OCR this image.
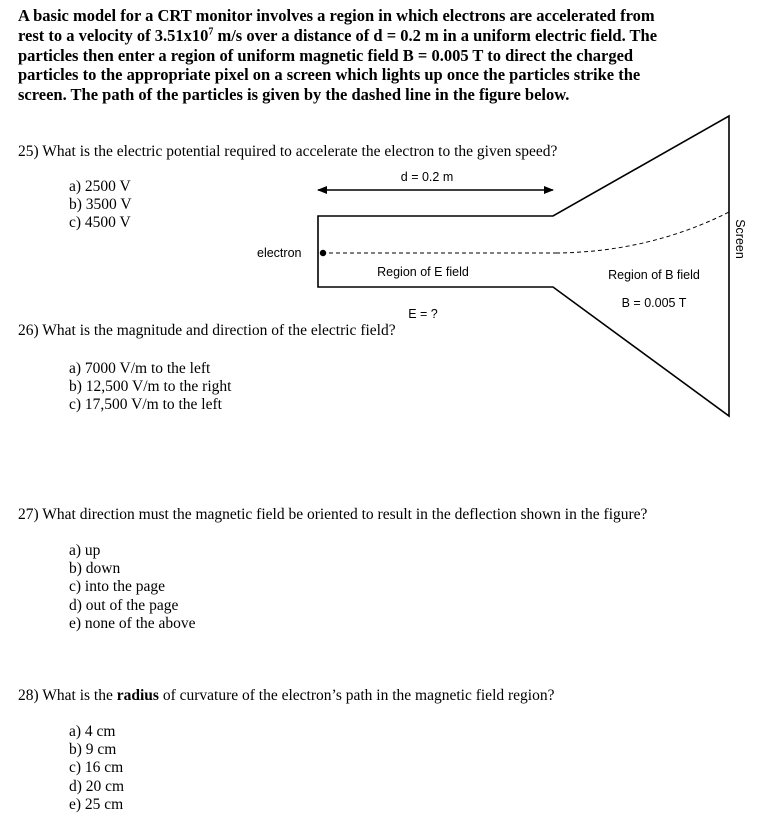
A basic model for a CRT monitor involves a region in which electrons are accelerated from rest to a velocity of $3.51x10^7$ m/s over a distance of d = 0.2 m in a uniform electric field. The particles then enter a region of uniform magnetic field B = 0.005 T to direct the charged particles to the appropriate pixel on a screen which lights up once the particles strike the screen. The path of the particles is given by the dashed line in the figure below.
25) What is the electric potential required to accelerate the electron to the given speed?
a) 2500 V
b) 3500 V
c) 4500 V
26) What is the magnitude and direction of the electric field?
a) 7000 V/m to the left
b) 12,500 V/m to the right
c) 17,500 V/m to the left
27) What direction must the magnetic field be oriented to result in the deflection shown in the figure?
a) up
b) down
c) into the page
d) out of the page
e) none of the above
28) What is the radius of curvature of the electron’s path in the magnetic field region?
a) 4 cm
b) 9 cm
c) 16 cm
d) 20 cm
e) 25 cm
d = 0.2 m
electron
Region of E field	Region of B field
B = 0.005 T
E = ?
Screen
